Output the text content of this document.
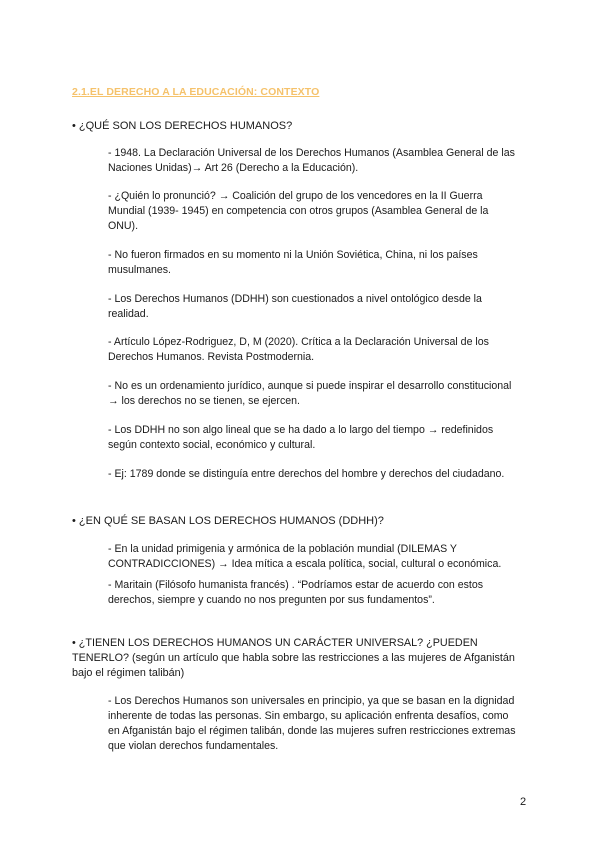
2.1.EL DERECHO A LA EDUCACIÓN: CONTEXTO
• ¿QUÉ SON LOS DERECHOS HUMANOS?
- 1948. La Declaración Universal de los Derechos Humanos (Asamblea General de las Naciones Unidas)→ Art 26 (Derecho a la Educación).
- ¿Quién lo pronunció? → Coalición del grupo de los vencedores en la II Guerra Mundial (1939- 1945) en competencia con otros grupos (Asamblea General de la ONU).
- No fueron firmados en su momento ni la Unión Soviética, China, ni los países musulmanes.
- Los Derechos Humanos (DDHH) son cuestionados a nivel ontológico desde la realidad.
- Artículo López-Rodriguez, D, M (2020). Crítica a la Declaración Universal de los Derechos Humanos. Revista Postmodernia.
- No es un ordenamiento jurídico, aunque si puede inspirar el desarrollo constitucional → los derechos no se tienen, se ejercen.
- Los DDHH no son algo lineal que se ha dado a lo largo del tiempo → redefinidos según contexto social, económico y cultural.
- Ej: 1789 donde se distinguía entre derechos del hombre y derechos del ciudadano.
• ¿EN QUÉ SE BASAN LOS DERECHOS HUMANOS (DDHH)?
- En la unidad primigenia y armónica de la población mundial (DILEMAS Y CONTRADICCIONES) → Idea mítica a escala política, social, cultural o económica.
- Maritain (Filósofo humanista francés) . “Podríamos estar de acuerdo con estos derechos, siempre y cuando no nos pregunten por sus fundamentos”.
• ¿TIENEN LOS DERECHOS HUMANOS UN CARÁCTER UNIVERSAL? ¿PUEDEN TENERLO? (según un artículo que habla sobre las restricciones a las mujeres de Afganistán bajo el régimen talibán)
- Los Derechos Humanos son universales en principio, ya que se basan en la dignidad inherente de todas las personas. Sin embargo, su aplicación enfrenta desafíos, como en Afganistán bajo el régimen talibán, donde las mujeres sufren restricciones extremas que violan derechos fundamentales.
2
